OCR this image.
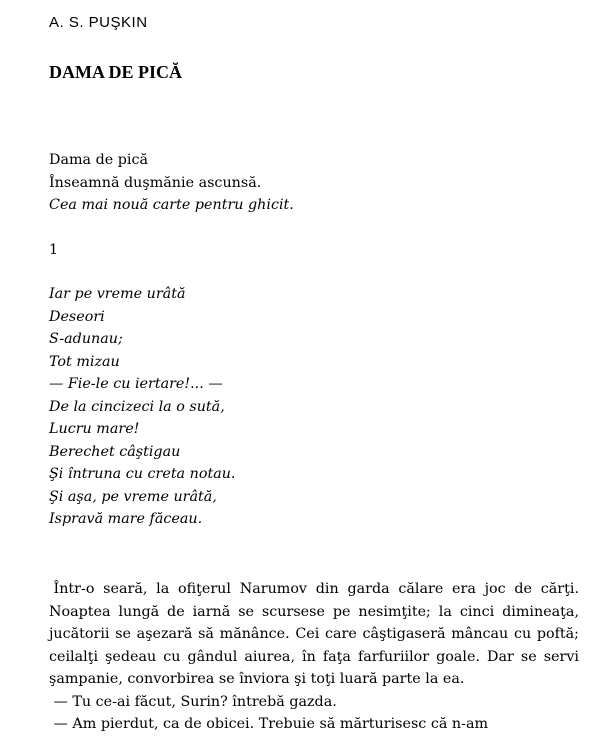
A. S. PUŞKIN
DAMA DE PICĂ
Dama de pică
Înseamnă duşmănie ascunsă.
Cea mai nouă carte pentru ghicit.
1
Iar pe vreme urâtă
Deseori
S-adunau;
Tot mizau
— Fie-le cu iertare!... —
De la cincizeci la o sută,
Lucru mare!
Berechet câştigau
Şi întruna cu creta notau.
Şi aşa, pe vreme urâtă,
Ispravă mare făceau.

Într-o seară, la ofiţerul Narumov din garda călare era joc de cărţi. Noaptea lungă de iarnă se scursese pe nesimţite; la cinci dimineaţa, jucătorii se aşezară să mănânce. Cei care câştigaseră mâncau cu poftă; ceilalţi şedeau cu gândul aiurea, în faţa farfuriilor goale. Dar se servi şampanie, convorbirea se înviora şi toţi luară parte la ea.

— Tu ce-ai făcut, Surin? întrebă gazda.

— Am pierdut, ca de obicei. Trebuie să mărturisesc că n-am
